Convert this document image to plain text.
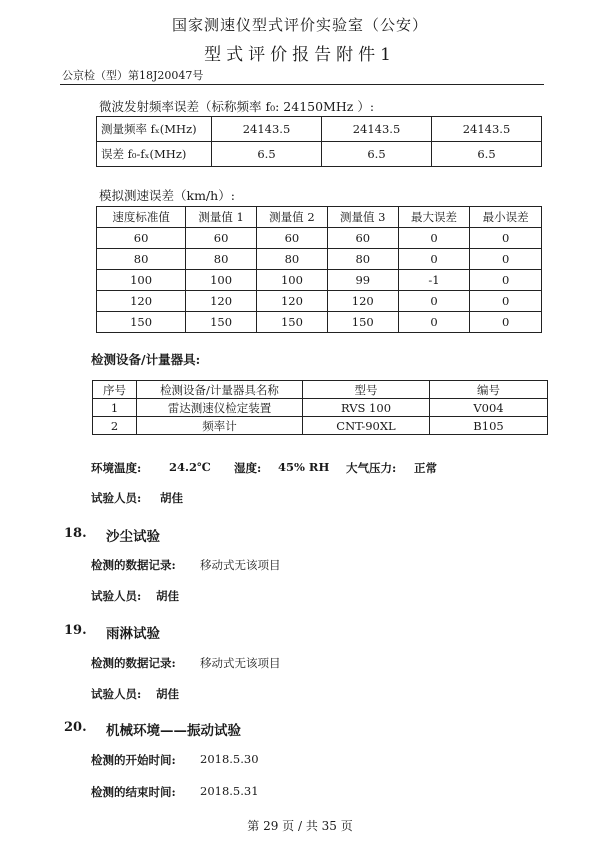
国家测速仪型式评价实验室（公安）
型式评价报告附件1
公京检（型）第18J20047号
微波发射频率误差（标称频率 f₀: 24150MHz ）:
测量频率 fₓ(MHz)	24143.5	24143.5	24143.5
误差 f₀-fₓ(MHz)	6.5	6.5	6.5
模拟测速误差（km/h）:
速度标准值	测量值 1	测量值 2	测量值 3	最大误差	最小误差
60	60	60	60	0	0
80	80	80	80	0	0
100	100	100	99	-1	0
120	120	120	120	0	0
150	150	150	150	0	0
检测设备/计量器具:
序号	检测设备/计量器具名称	型号	编号
1	雷达测速仪检定装置	RVS 100	V004
2	频率计	CNT-90XL	B105
环境温度: 24.2℃ 湿度: 45% RH 大气压力: 正常
试验人员: 胡佳
18. 沙尘试验
检测的数据记录: 移动式无该项目
试验人员: 胡佳
19. 雨淋试验
检测的数据记录: 移动式无该项目
试验人员: 胡佳
20. 机械环境——振动试验
检测的开始时间: 2018.5.30
检测的结束时间: 2018.5.31
第 29 页 / 共 35 页
